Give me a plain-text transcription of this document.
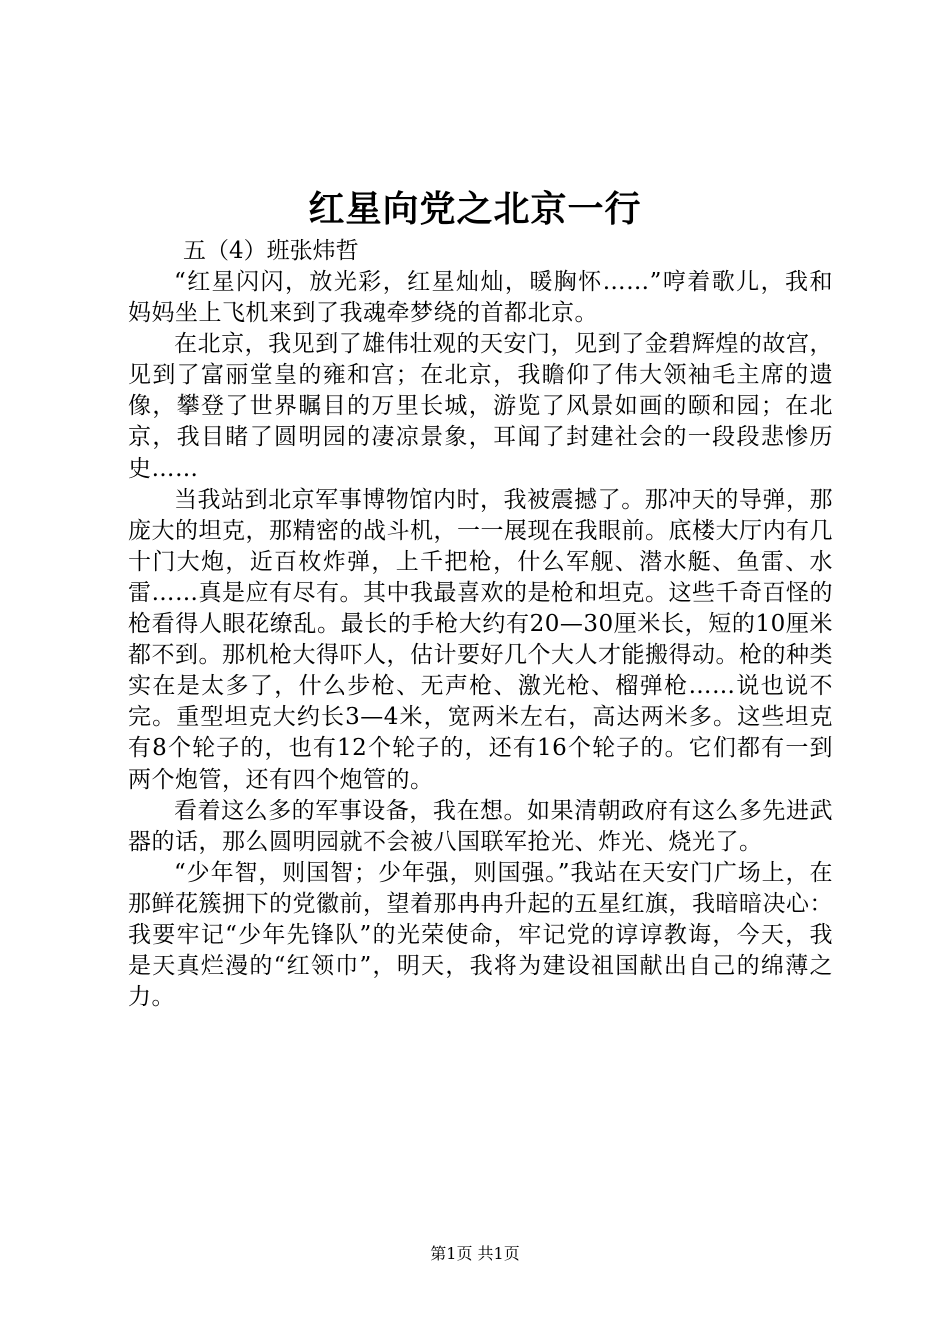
红星向党之北京一行
五（4）班张炜哲

“红星闪闪，放光彩，红星灿灿，暖胸怀……”哼着歌儿，我和妈妈坐上飞机来到了我魂牵梦绕的首都北京。

在北京，我见到了雄伟壮观的天安门，见到了金碧辉煌的故宫，见到了富丽堂皇的雍和宫；在北京，我瞻仰了伟大领袖毛主席的遗像，攀登了世界瞩目的万里长城，游览了风景如画的颐和园；在北京，我目睹了圆明园的凄凉景象，耳闻了封建社会的一段段悲惨历史……

当我站到北京军事博物馆内时，我被震撼了。那冲天的导弹，那庞大的坦克，那精密的战斗机，一一展现在我眼前。底楼大厅内有几十门大炮，近百枚炸弹，上千把枪，什么军舰、潜水艇、鱼雷、水雷……真是应有尽有。其中我最喜欢的是枪和坦克。这些千奇百怪的枪看得人眼花缭乱。最长的手枪大约有20—30厘米长，短的10厘米都不到。那机枪大得吓人，估计要好几个大人才能搬得动。枪的种类实在是太多了，什么步枪、无声枪、激光枪、榴弹枪……说也说不完。重型坦克大约长3—4米，宽两米左右，高达两米多。这些坦克有8个轮子的，也有12个轮子的，还有16个轮子的。它们都有一到两个炮管，还有四个炮管的。

看着这么多的军事设备，我在想。如果清朝政府有这么多先进武器的话，那么圆明园就不会被八国联军抢光、炸光、烧光了。

“少年智，则国智；少年强，则国强。”我站在天安门广场上，在那鲜花簇拥下的党徽前，望着那冉冉升起的五星红旗，我暗暗决心：我要牢记“少年先锋队”的光荣使命，牢记党的谆谆教诲，今天，我是天真烂漫的“红领巾”，明天，我将为建设祖国献出自己的绵薄之力。

第1页 共1页
